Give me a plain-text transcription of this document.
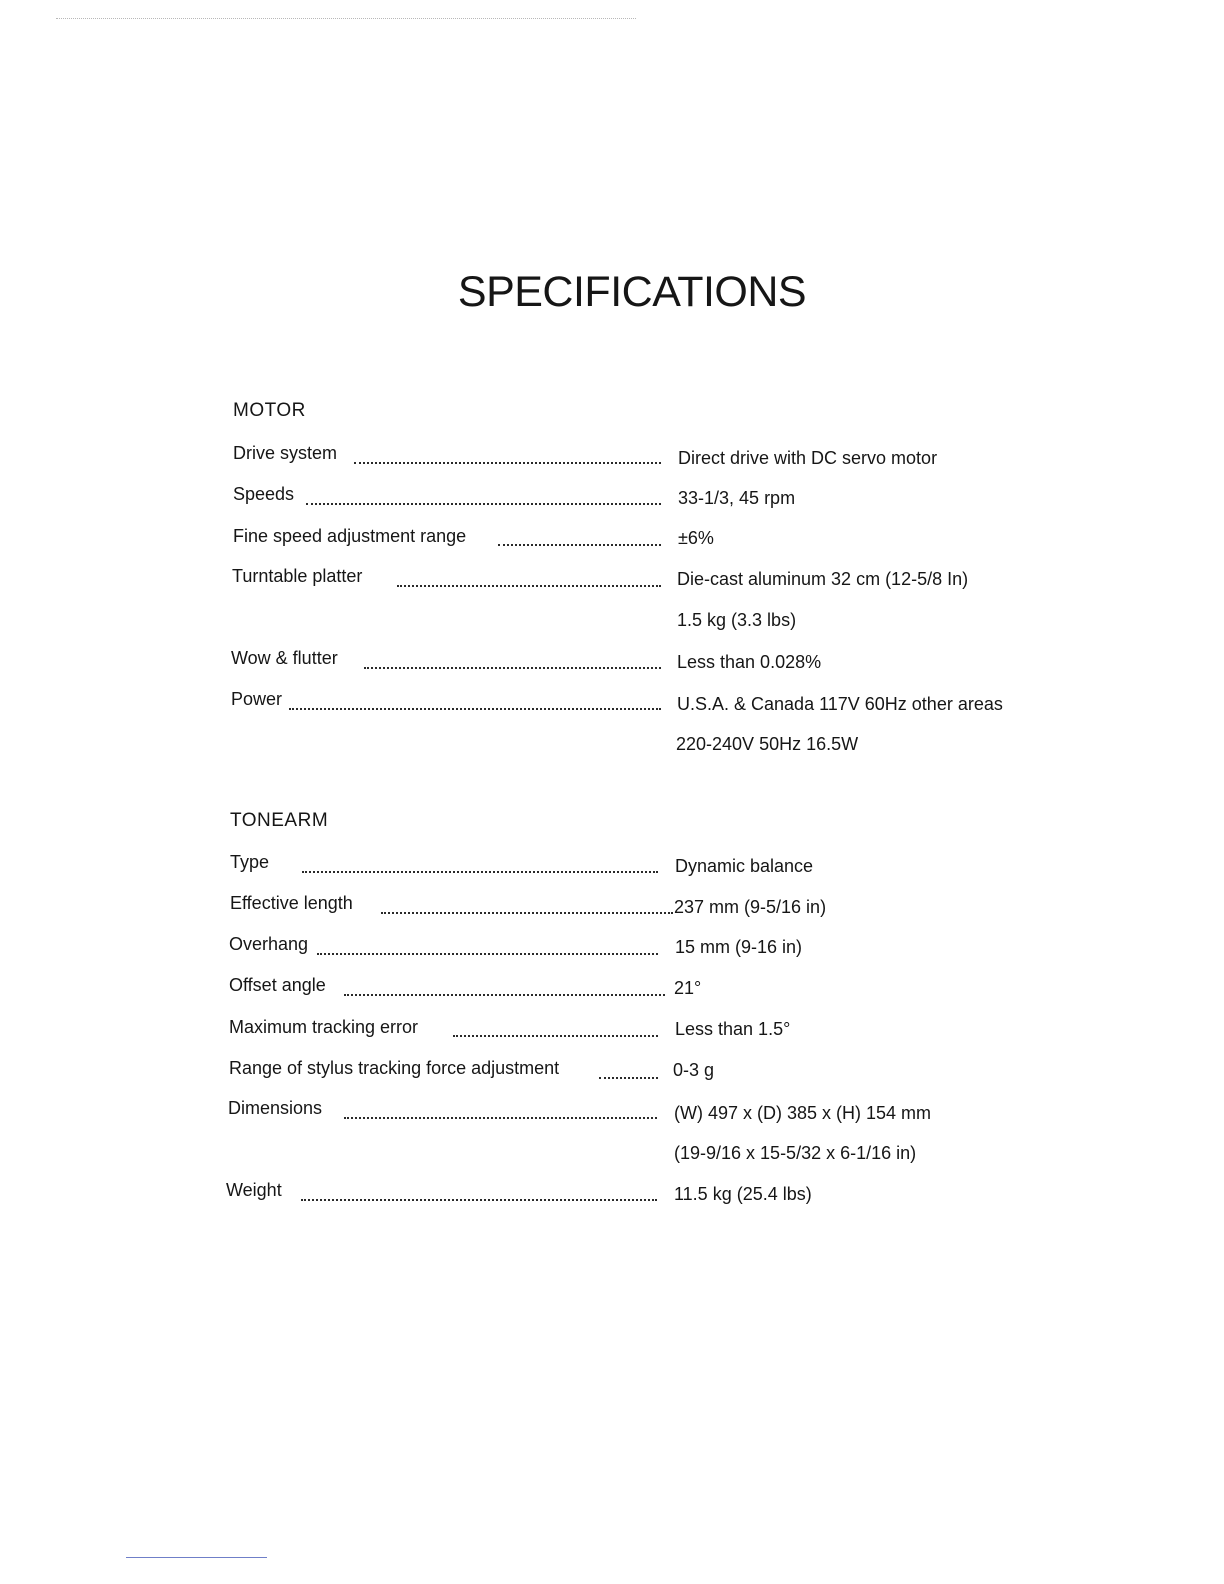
SPECIFICATIONS
MOTOR
Drive system	Direct drive with DC servo motor
Speeds	33-1/3, 45 rpm
Fine speed adjustment range	±6%
Turntable platter	Die-cast aluminum 32 cm (12-5/8 In)
1.5 kg (3.3 lbs)
Wow & flutter	Less than 0.028%
Power	U.S.A. & Canada 117V 60Hz other areas
220-240V 50Hz 16.5W
TONEARM
Type	Dynamic balance
Effective length	237 mm (9-5/16 in)
Overhang	15 mm (9-16 in)
Offset angle	21°
Maximum tracking error	Less than 1.5°
Range of stylus tracking force adjustment	0-3 g
Dimensions	(W) 497 x (D) 385 x (H) 154 mm
(19-9/16 x 15-5/32 x 6-1/16 in)
Weight	11.5 kg (25.4 lbs)
